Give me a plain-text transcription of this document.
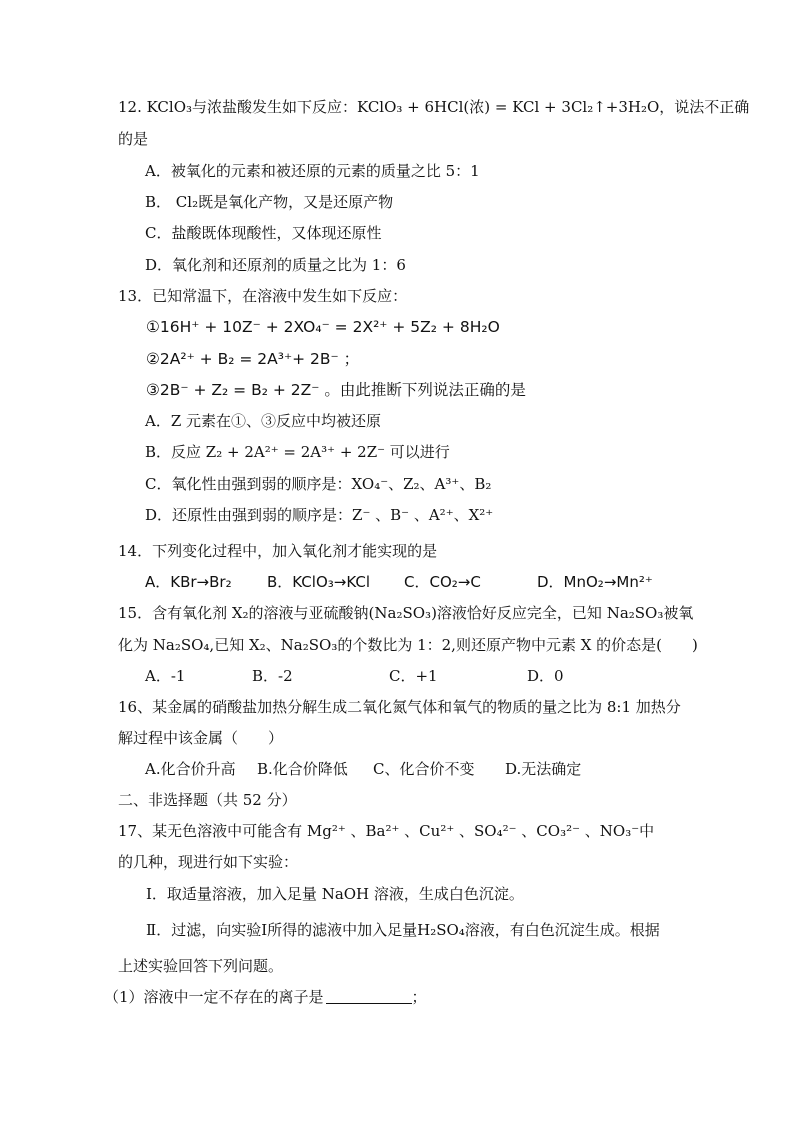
12. KClO₃与浓盐酸发生如下反应：KClO₃ + 6HCl(浓) = KCl + 3Cl₂↑+3H₂O，说法不正确
的是
A．被氧化的元素和被还原的元素的质量之比 5：1
B． Cl₂既是氧化产物，又是还原产物
C．盐酸既体现酸性，又体现还原性
D．氧化剂和还原剂的质量之比为 1：6
13．已知常温下，在溶液中发生如下反应：
①16H⁺ + 10Z⁻ + 2XO₄⁻ = 2X²⁺ + 5Z₂ + 8H₂O
②2A²⁺ + B₂ = 2A³⁺+ 2B⁻ ；
③2B⁻ + Z₂ = B₂ + 2Z⁻ 。由此推断下列说法正确的是
A．Z 元素在①、③反应中均被还原
B．反应 Z₂ + 2A²⁺ = 2A³⁺ + 2Z⁻ 可以进行
C．氧化性由强到弱的顺序是：XO₄⁻、Z₂、A³⁺、B₂
D．还原性由强到弱的顺序是：Z⁻ 、B⁻ 、A²⁺、X²⁺
14．下列变化过程中，加入氧化剂才能实现的是
A．KBr→Br₂ B．KClO₃→KCl C．CO₂→C	D．MnO₂→Mn²⁺
15．含有氧化剂 X₂的溶液与亚硫酸钠(Na₂SO₃)溶液恰好反应完全，已知 Na₂SO₃被氧
化为 Na₂SO₄,已知 X₂、Na₂SO₃的个数比为 1：2,则还原产物中元素 X 的价态是(　　)
A．-1	B．-2	C．+1	D．0
16、某金属的硝酸盐加热分解生成二氧化氮气体和氧气的物质的量之比为 8:1 加热分
解过程中该金属（　　）
A.化合价升高 B.化合价降低 C、化合价不变 D.无法确定
二、非选择题（共 52 分）
17、某无色溶液中可能含有 Mg²⁺ 、Ba²⁺ 、Cu²⁺ 、SO₄²⁻ 、CO₃²⁻ 、NO₃⁻中
的几种，现进行如下实验：
Ⅰ．取适量溶液，加入足量 NaOH 溶液，生成白色沉淀。
Ⅱ．过滤，向实验Ⅰ所得的滤液中加入足量H₂SO₄溶液，有白色沉淀生成。根据
上述实验回答下列问题。
（1）溶液中一定不存在的离子是	；
